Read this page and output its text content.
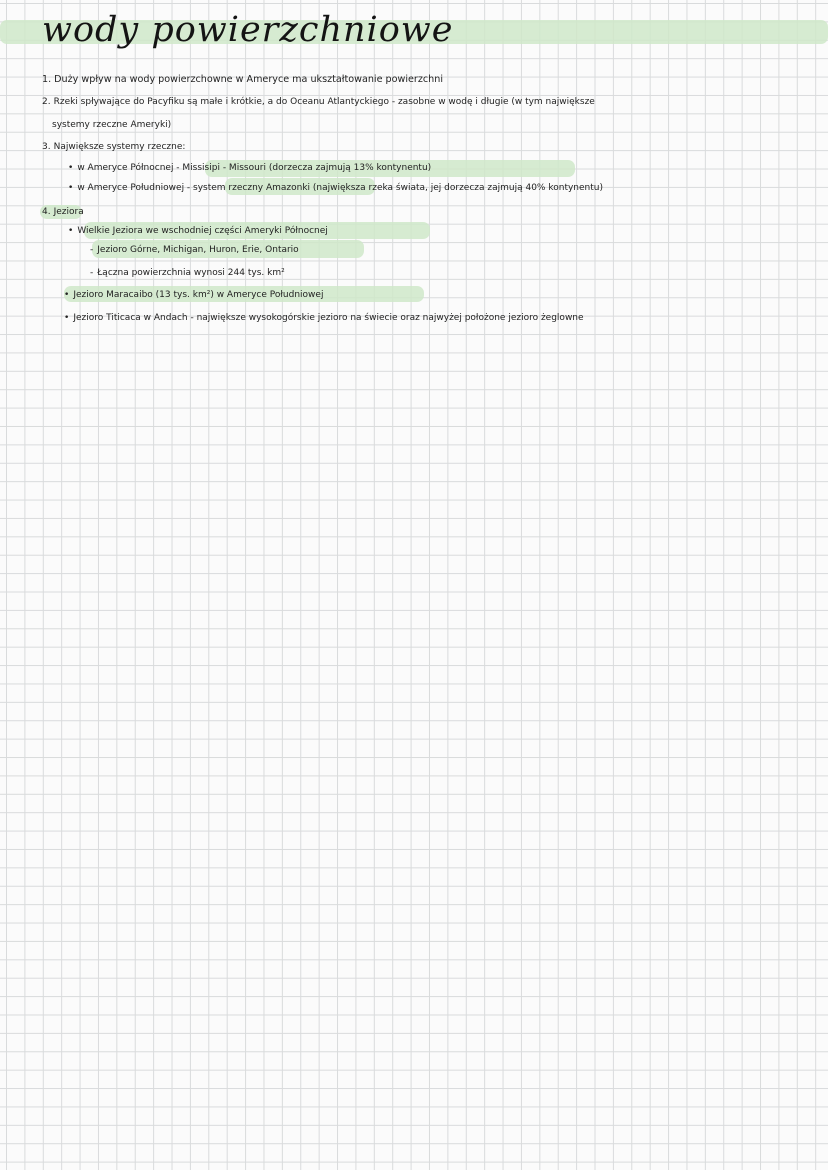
wody powierzchniowe
1. Duży wpływ na wody powierzchowne w Ameryce ma ukształtowanie powierzchni
2. Rzeki spływające do Pacyfiku są małe i krótkie, a do Oceanu Atlantyckiego - zasobne w wodę i długie (w tym największe
systemy rzeczne Ameryki)
3. Największe systemy rzeczne:
• w Ameryce Północnej - Missisipi - Missouri (dorzecza zajmują 13% kontynentu)
• w Ameryce Południowej - system rzeczny Amazonki (największa rzeka świata, jej dorzecza zajmują 40% kontynentu)
4. Jeziora
• Wielkie Jeziora we wschodniej części Ameryki Północnej
- Jezioro Górne, Michigan, Huron, Erie, Ontario
- Łączna powierzchnia wynosi 244 tys. km²
• Jezioro Maracaibo (13 tys. km²) w Ameryce Południowej
• Jezioro Titicaca w Andach - największe wysokogórskie jezioro na świecie oraz najwyżej położone jezioro żeglowne
